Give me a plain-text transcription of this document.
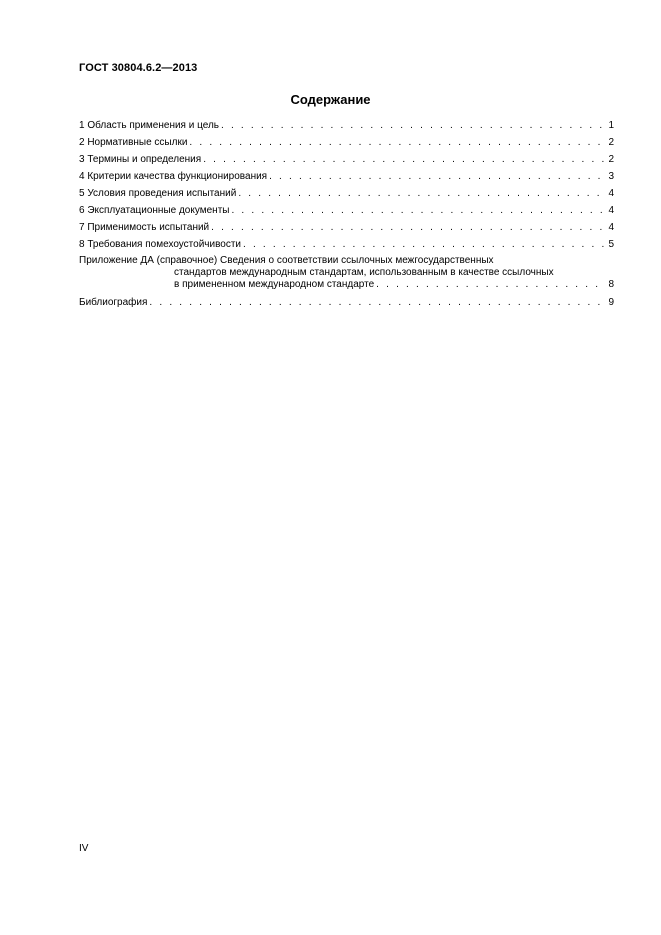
ГОСТ 30804.6.2—2013
Содержание
1 Область применения и цель . . .	1
2 Нормативные ссылки . . .	2
3 Термины и определения . . .	2
4 Критерии качества функционирования . . .	3
5 Условия проведения испытаний . . .	4
6 Эксплуатационные документы . . .	4
7 Применимость испытаний . . .	4
8 Требования помехоустойчивости . . .	5
Приложение ДА (справочное) Сведения о соответствии ссылочных межгосударственных
стандартов международным стандартам, использованным в качестве ссылочных
в примененном международном стандарте . . .	8
Библиография . . .	9
IV
